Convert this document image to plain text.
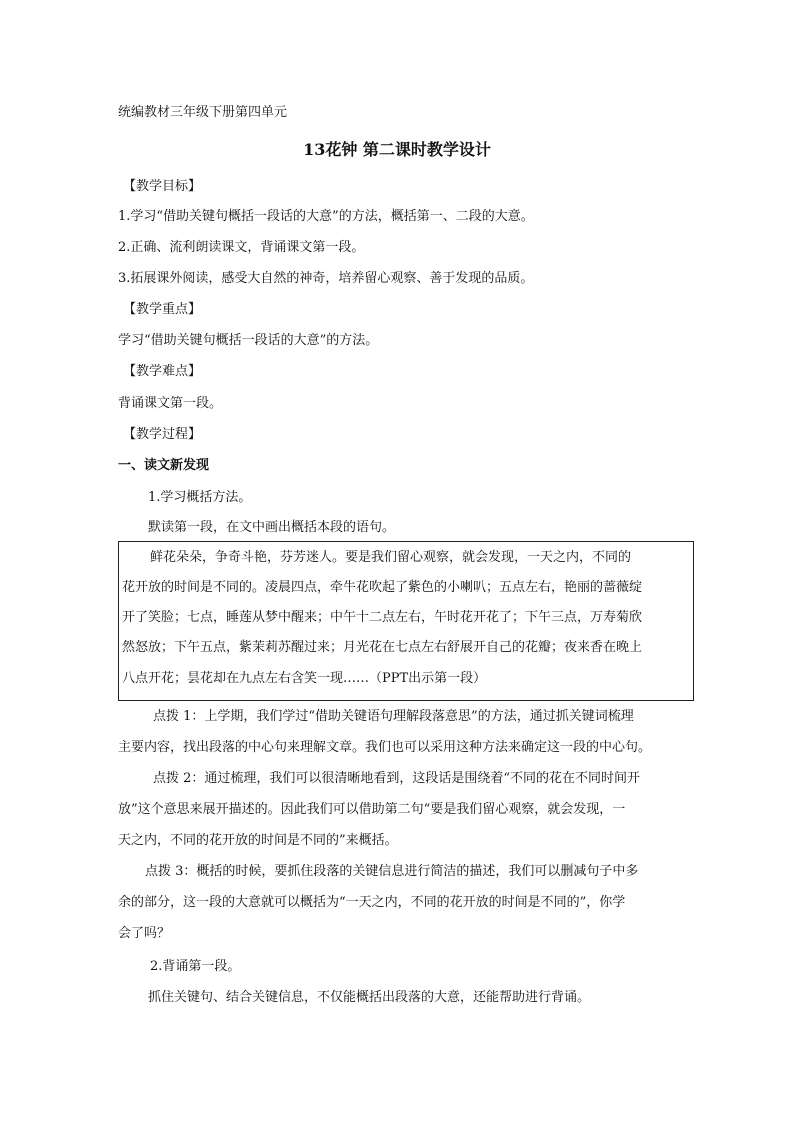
统编教材三年级下册第四单元
13花钟 第二课时教学设计
【教学目标】
1.学习“借助关键句概括一段话的大意”的方法，概括第一、二段的大意。
2.正确、流利朗读课文，背诵课文第一段。
3.拓展课外阅读，感受大自然的神奇，培养留心观察、善于发现的品质。
【教学重点】
学习“借助关键句概括一段话的大意”的方法。
【教学难点】
背诵课文第一段。
【教学过程】
一、读文新发现
1.学习概括方法。
默读第一段，在文中画出概括本段的语句。
鲜花朵朵，争奇斗艳，芬芳迷人。要是我们留心观察，就会发现，一天之内，不同的
花开放的时间是不同的。凌晨四点，牵牛花吹起了紫色的小喇叭；五点左右，艳丽的蔷薇绽
开了笑脸；七点，睡莲从梦中醒来；中午十二点左右，午时花开花了；下午三点，万寿菊欣
然怒放；下午五点，紫茉莉苏醒过来；月光花在七点左右舒展开自己的花瓣；夜来香在晚上
八点开花；昙花却在九点左右含笑一现……（PPT出示第一段）
点拨 1：上学期，我们学过“借助关键语句理解段落意思”的方法，通过抓关键词梳理
主要内容，找出段落的中心句来理解文章。我们也可以采用这种方法来确定这一段的中心句。
点拨 2：通过梳理，我们可以很清晰地看到，这段话是围绕着“不同的花在不同时间开
放”这个意思来展开描述的。因此我们可以借助第二句“要是我们留心观察，就会发现，一
天之内，不同的花开放的时间是不同的”来概括。
点拨 3：概括的时候，要抓住段落的关键信息进行简洁的描述，我们可以删减句子中多
余的部分，这一段的大意就可以概括为“一天之内，不同的花开放的时间是不同的”，你学
会了吗？
2.背诵第一段。
抓住关键句、结合关键信息，不仅能概括出段落的大意，还能帮助进行背诵。
